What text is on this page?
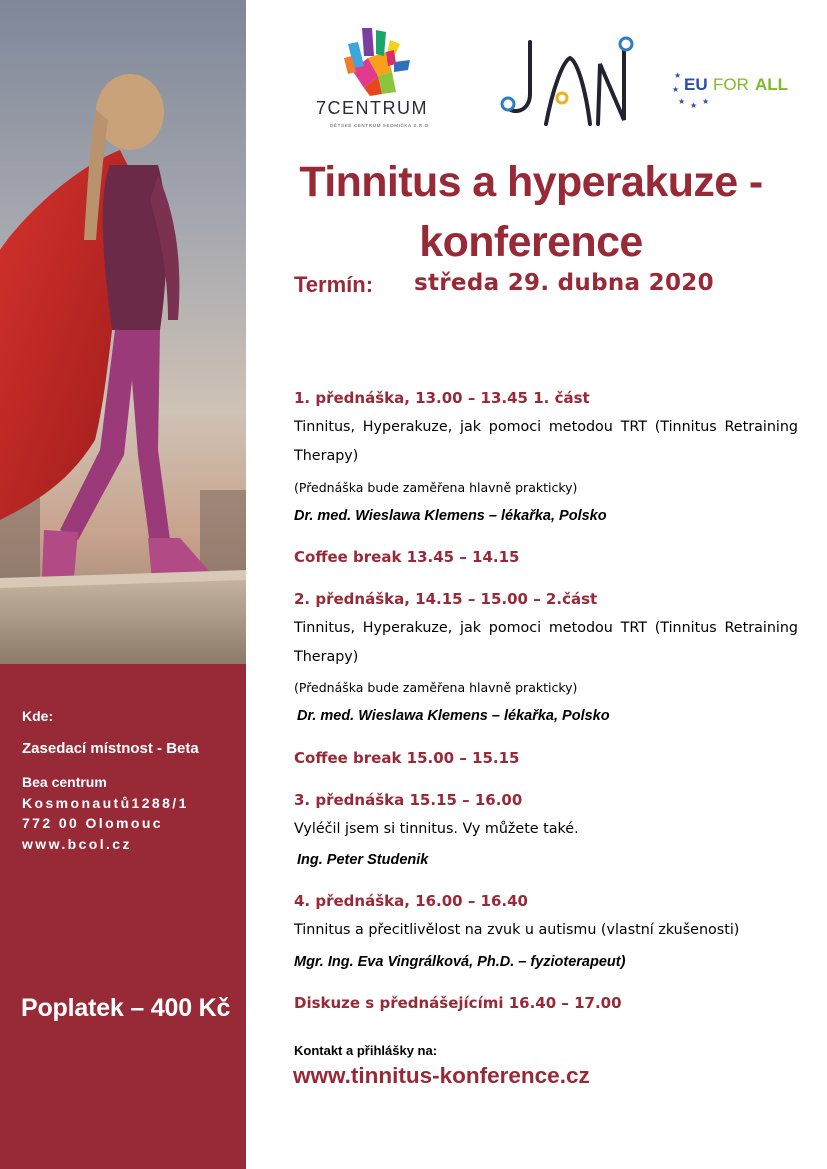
Kde:
Zasedací místnost - Beta
Bea centrum
Kosmonautů1288/1
772 00 Olomouc
www.bcol.cz
Poplatek – 400 Kč
7CENTRUM
DĚTSKÉ CENTRUM SEDMIČKA S.R.O.
★
★
★ ★ ★
EU FOR ALL
Tinnitus a hyperakuze -
konference
Termín: středa 29. dubna 2020
1. přednáška, 13.00 – 13.45 1. část
Tinnitus, Hyperakuze, jak pomoci metodou TRT (Tinnitus Retraining Therapy)
(Přednáška bude zaměřena hlavně prakticky)
Dr. med. Wieslawa Klemens – lékařka, Polsko
Coffee break 13.45 – 14.15
2. přednáška, 14.15 – 15.00 – 2.část
Tinnitus, Hyperakuze, jak pomoci metodou TRT (Tinnitus Retraining Therapy)
(Přednáška bude zaměřena hlavně prakticky)
Dr. med. Wieslawa Klemens – lékařka, Polsko
Coffee break 15.00 – 15.15
3. přednáška 15.15 – 16.00
Vyléčil jsem si tinnitus. Vy můžete také.
Ing. Peter Studenik
4. přednáška, 16.00 – 16.40
Tinnitus a přecitlivělost na zvuk u autismu (vlastní zkušenosti)
Mgr. Ing. Eva Vingrálková, Ph.D. – fyzioterapeut)
Diskuze s přednášejícími 16.40 – 17.00
Kontakt a přihlášky na:
www.tinnitus-konference.cz
